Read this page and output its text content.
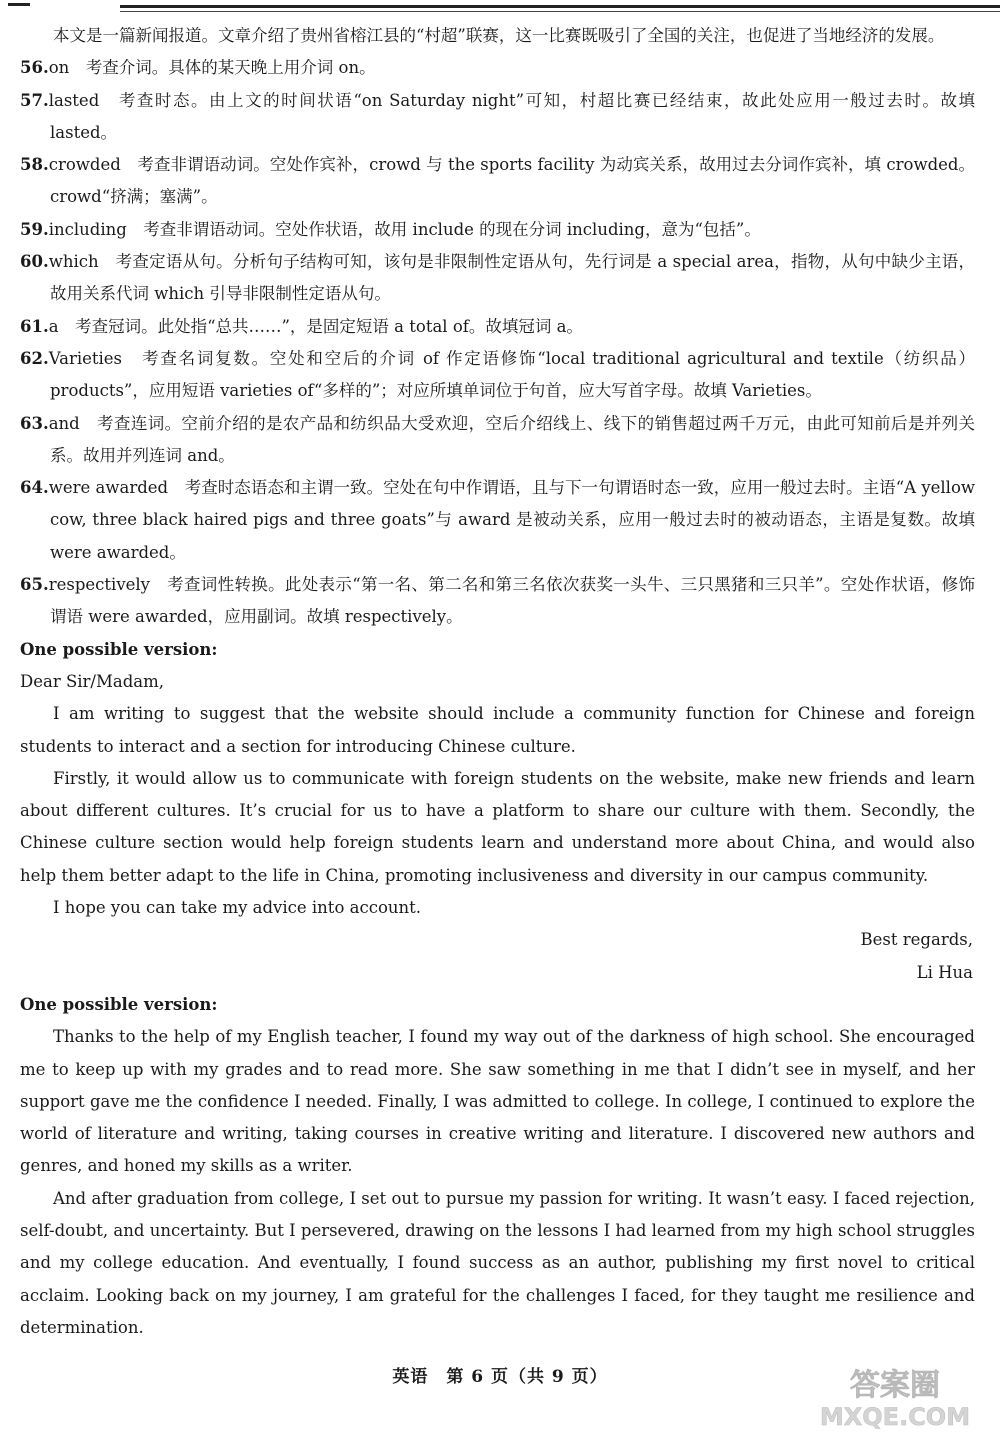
本文是一篇新闻报道。文章介绍了贵州省榕江县的“村超”联赛，这一比赛既吸引了全国的关注，也促进了当地经济的发展。

56.on　 考查介词。具体的某天晚上用介词 on。

57.lasted　 考查时态。由上文的时间状语“on Saturday night”可知，村超比赛已经结束，故此处应用一般过去时。故填 lasted。

58.crowded　 考查非谓语动词。空处作宾补，crowd 与 the sports facility 为动宾关系，故用过去分词作宾补，填 crowded。crowd“挤满；塞满”。

59.including　 考查非谓语动词。空处作状语，故用 include 的现在分词 including，意为“包括”。

60.which　 考查定语从句。分析句子结构可知，该句是非限制性定语从句，先行词是 a special area，指物，从句中缺少主语，故用关系代词 which 引导非限制性定语从句。

61.a　 考查冠词。此处指“总共……”，是固定短语 a total of。故填冠词 a。

62.Varieties　 考查名词复数。空处和空后的介词 of 作定语修饰“local traditional agricultural and textile（纺织品）products”，应用短语 varieties of“多样的”；对应所填单词位于句首，应大写首字母。故填 Varieties。

63.and　 考查连词。空前介绍的是农产品和纺织品大受欢迎，空后介绍线上、线下的销售超过两千万元，由此可知前后是并列关系。故用并列连词 and。

64.were awarded　 考查时态语态和主谓一致。空处在句中作谓语，且与下一句谓语时态一致，应用一般过去时。主语“A yellow cow, three black haired pigs and three goats”与 award 是被动关系，应用一般过去时的被动语态，主语是复数。故填 were awarded。

65.respectively　 考查词性转换。此处表示“第一名、第二名和第三名依次获奖一头牛、三只黑猪和三只羊”。空处作状语，修饰谓语 were awarded，应用副词。故填 respectively。

One possible version:

Dear Sir/Madam,

I am writing to suggest that the website should include a community function for Chinese and foreign students to interact and a section for introducing Chinese culture.

Firstly, it would allow us to communicate with foreign students on the website, make new friends and learn about different cultures. It’s crucial for us to have a platform to share our culture with them. Secondly, the Chinese culture section would help foreign students learn and understand more about China, and would also help them better adapt to the life in China, promoting inclusiveness and diversity in our campus community.

I hope you can take my advice into account.

Best regards,

Li Hua

One possible version:

Thanks to the help of my English teacher, I found my way out of the darkness of high school. She encouraged me to keep up with my grades and to read more. She saw something in me that I didn’t see in myself, and her support gave me the confidence I needed. Finally, I was admitted to college. In college, I continued to explore the world of literature and writing, taking courses in creative writing and literature. I discovered new authors and genres, and honed my skills as a writer.

And after graduation from college, I set out to pursue my passion for writing. It wasn’t easy. I faced rejection, self-doubt, and uncertainty. But I persevered, drawing on the lessons I had learned from my high school struggles and my college education. And eventually, I found success as an author, publishing my first novel to critical acclaim. Looking back on my journey, I am grateful for the challenges I faced, for they taught me resilience and determination.

英语　第 6 页（共 9 页）	答案圈
MXQE.COM
